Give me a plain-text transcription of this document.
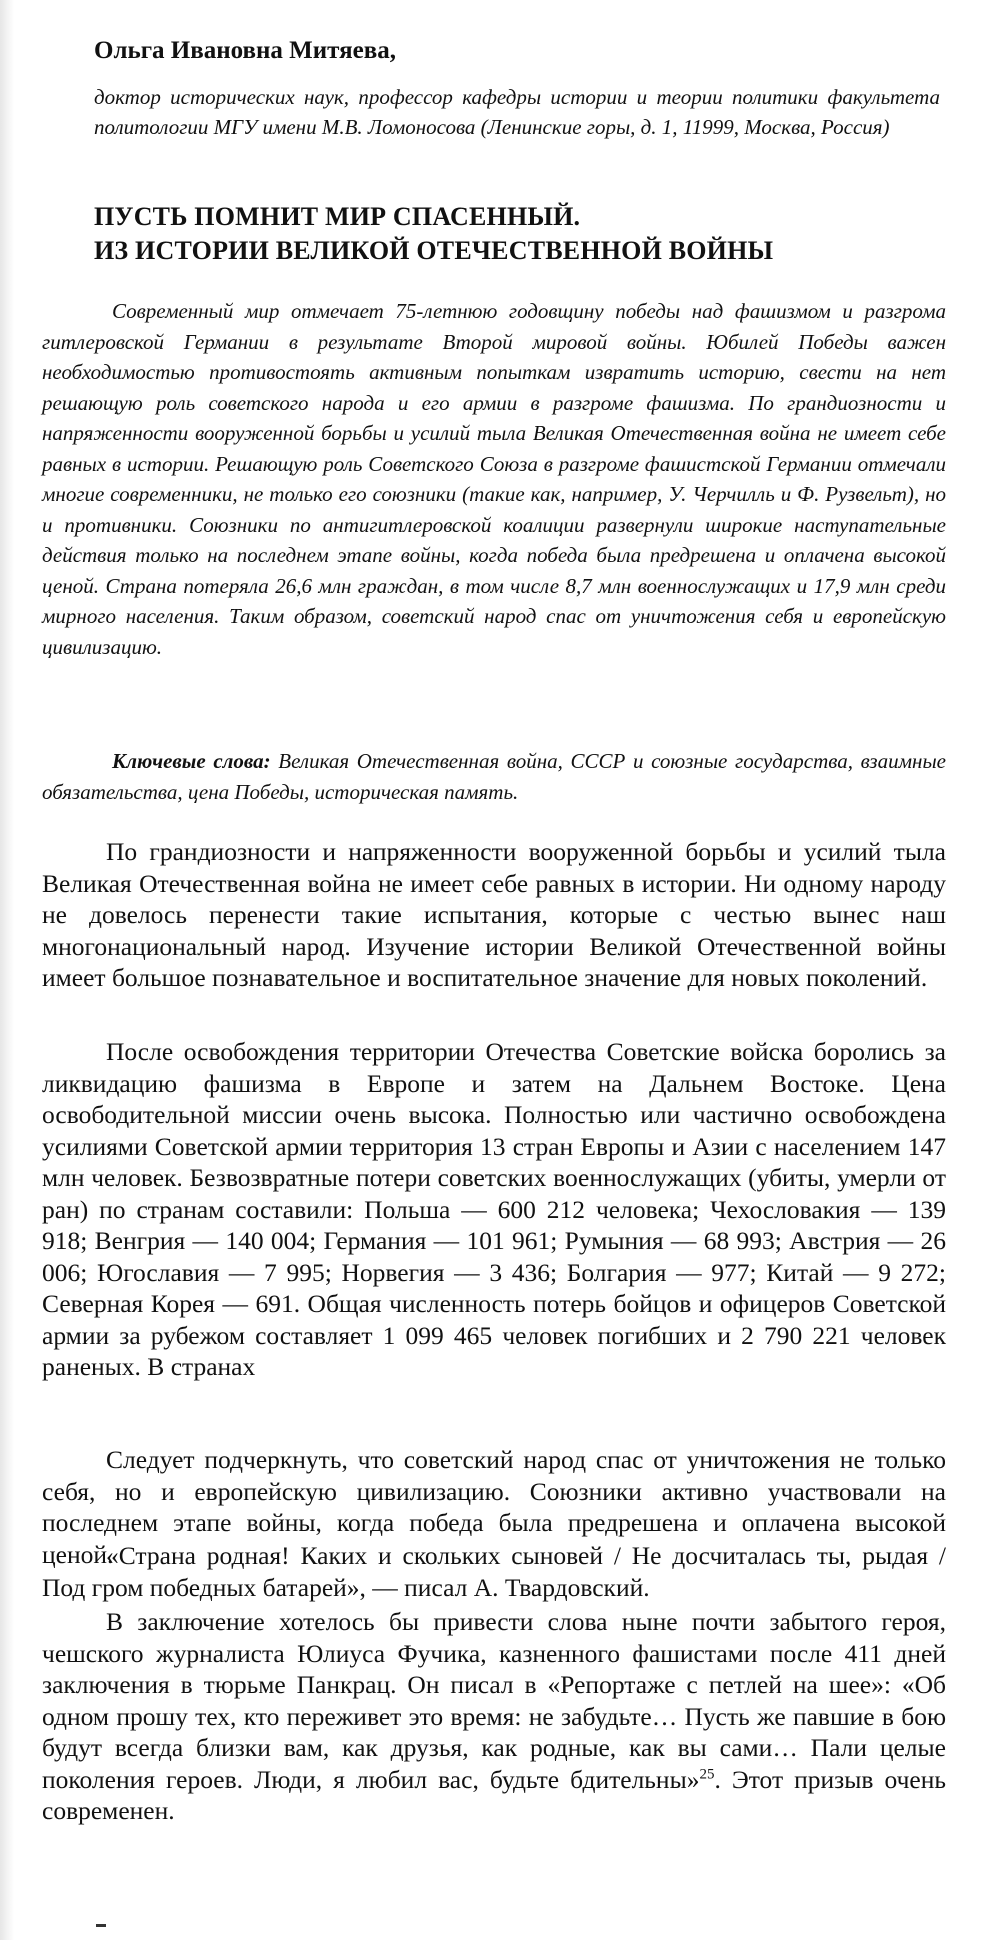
Ольга Ивановна Митяева,
доктор исторических наук, профессор кафедры истории и теории политики факультета политологии МГУ имени М.В. Ломоносова (Ленинские горы, д. 1, 11999, Москва, Россия)
ПУСТЬ ПОМНИТ МИР СПАСЕННЫЙ.
ИЗ ИСТОРИИ ВЕЛИКОЙ ОТЕЧЕСТВЕННОЙ ВОЙНЫ

Современный мир отмечает 75-летнюю годовщину победы над фашизмом и разгрома гитлеровской Германии в результате Второй мировой войны. Юбилей Победы важен необходимостью противостоять активным попыткам извратить историю, свести на нет решающую роль советского народа и его армии в разгроме фашизма. По грандиозности и напряженности вооруженной борьбы и усилий тыла Великая Отечественная война не имеет себе равных в истории. Решающую роль Советского Союза в разгроме фашистской Германии отмечали многие современники, не только его союзники (такие как, например, У. Черчилль и Ф. Рузвельт), но и противники. Союзники по антигитлеровской коалиции развернули широкие наступательные действия только на последнем этапе войны, когда победа была предрешена и оплачена высокой ценой. Страна потеряла 26,6 млн граждан, в том числе 8,7 млн военнослужащих и 17,9 млн среди мирного населения. Таким образом, советский народ спас от уничтожения себя и европейскую цивилизацию.

Ключевые слова: Великая Отечественная война, СССР и союзные государства, взаимные обязательства, цена Победы, историческая память.

По грандиозности и напряженности вооруженной борьбы и усилий тыла Великая Отечественная война не имеет себе равных в истории. Ни одному народу не довелось перенести такие испытания, которые с честью вынес наш многонациональный народ. Изучение истории Великой Отечественной войны имеет большое познавательное и воспитательное значение для новых поколений.

После освобождения территории Отечества Советские войска боролись за ликвидацию фашизма в Европе и затем на Дальнем Востоке. Цена освободительной миссии очень высока. Полностью или частично освобождена усилиями Советской армии территория 13 стран Европы и Азии с населением 147 млн человек. Безвозвратные потери советских военнослужащих (убиты, умерли от ран) по странам составили: Польша — 600 212 человека; Чехословакия — 139 918; Венгрия — 140 004; Германия — 101 961; Румыния — 68 993; Австрия — 26 006; Югославия — 7 995; Норвегия — 3 436; Болгария — 977; Китай — 9 272; Северная Корея — 691. Общая численность потерь бойцов и офицеров Советской армии за рубежом составляет 1 099 465 человек погибших и 2 790 221 человек раненых. В странах

Следует подчеркнуть, что советский народ спас от уничтожения не только себя, но и европейскую цивилизацию. Союзники активно участвовали на последнем этапе войны, когда победа была предрешена и оплачена высокой ценой.

«Страна родная! Каких и скольких сыновей / Не досчиталась ты, рыдая / Под гром победных батарей», — писал А. Твардовский.

В заключение хотелось бы привести слова ныне почти забытого героя, чешского журналиста Юлиуса Фучика, казненного фашистами после 411 дней заключения в тюрьме Панкрац. Он писал в «Репортаже с петлей на шее»: «Об одном прошу тех, кто переживет это время: не забудьте… Пусть же павшие в бою будут всегда близки вам, как друзья, как родные, как вы сами… Пали целые поколения героев. Люди, я любил вас, будьте бдительны»$^{25}$. Этот призыв очень современен.
